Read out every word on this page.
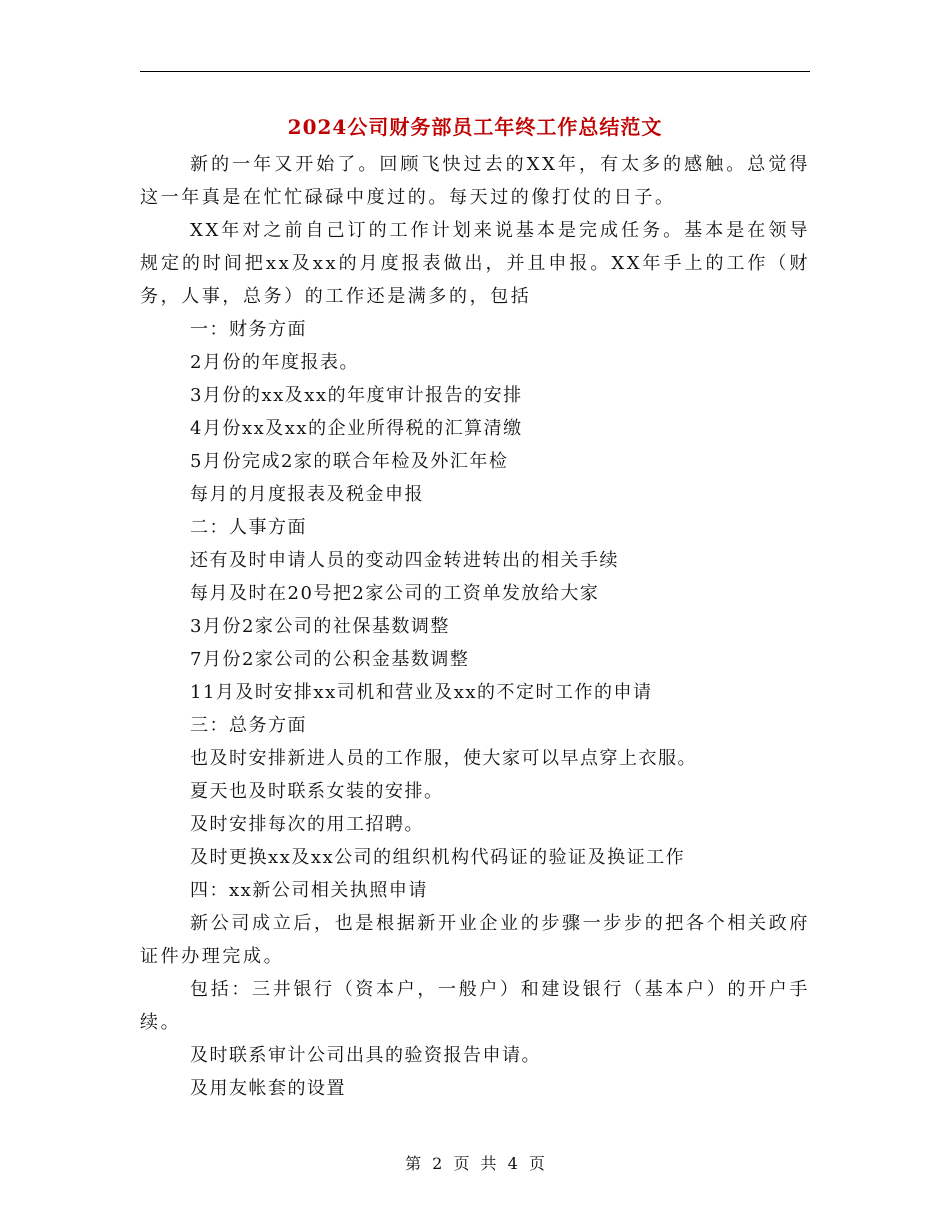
2024公司财务部员工年终工作总结范文

新的一年又开始了。回顾飞快过去的XX年，有太多的感触。总觉得这一年真是在忙忙碌碌中度过的。每天过的像打仗的日子。

XX年对之前自己订的工作计划来说基本是完成任务。基本是在领导规定的时间把xx及xx的月度报表做出，并且申报。XX年手上的工作（财务，人事，总务）的工作还是满多的，包括

一：财务方面

2月份的年度报表。

3月份的xx及xx的年度审计报告的安排

4月份xx及xx的企业所得税的汇算清缴

5月份完成2家的联合年检及外汇年检

每月的月度报表及税金申报

二：人事方面

还有及时申请人员的变动四金转进转出的相关手续

每月及时在20号把2家公司的工资单发放给大家

3月份2家公司的社保基数调整

7月份2家公司的公积金基数调整

11月及时安排xx司机和营业及xx的不定时工作的申请

三：总务方面

也及时安排新进人员的工作服，使大家可以早点穿上衣服。

夏天也及时联系女装的安排。

及时安排每次的用工招聘。

及时更换xx及xx公司的组织机构代码证的验证及换证工作

四：xx新公司相关执照申请

新公司成立后，也是根据新开业企业的步骤一步步的把各个相关政府证件办理完成。

包括：三井银行（资本户，一般户）和建设银行（基本户）的开户手续。

及时联系审计公司出具的验资报告申请。

及用友帐套的设置

第 2 页 共 4 页
